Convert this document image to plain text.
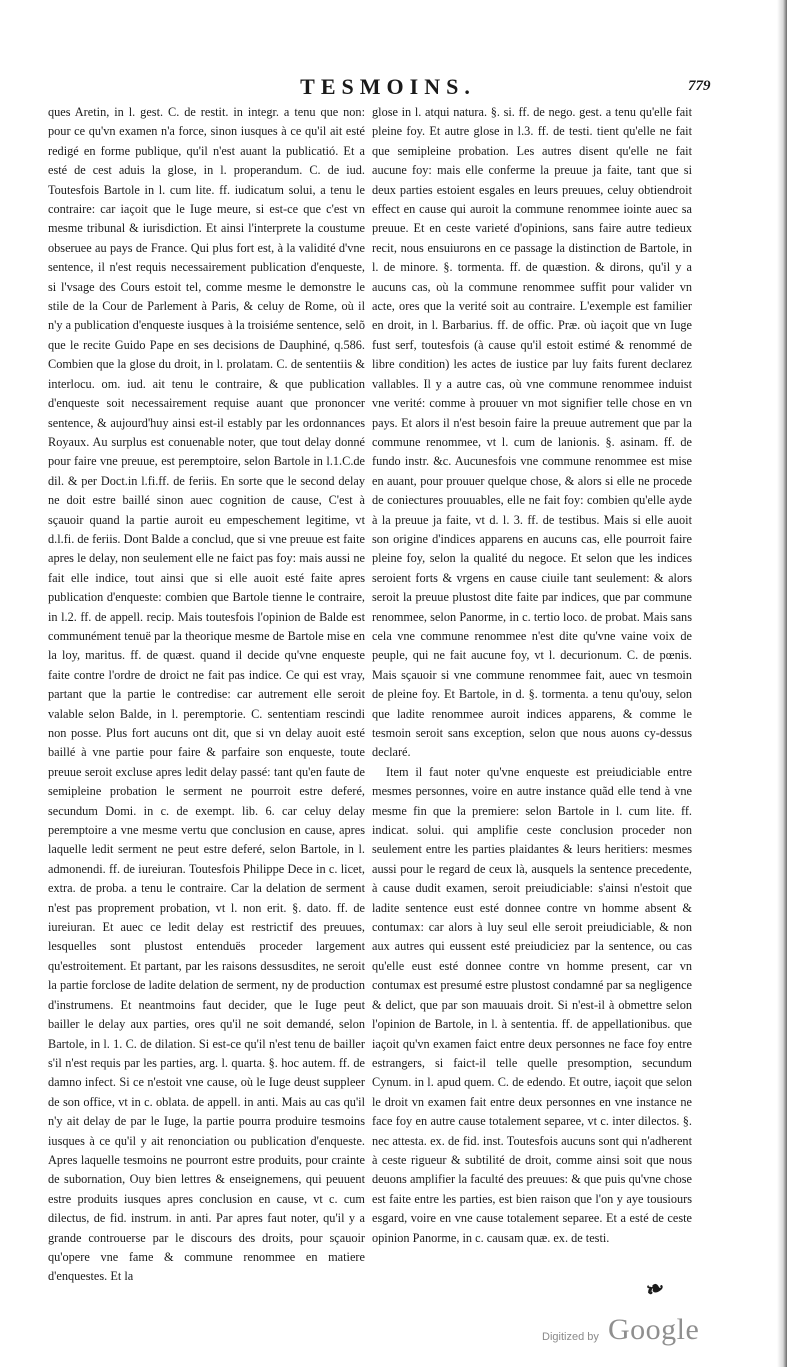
TESMOINS.	779

ques Aretin, in l. gest. C. de restit. in integr. a tenu que non: pour ce qu'vn examen n'a force, sinon iusques à ce qu'il ait esté redigé en forme publique, qu'il n'est auant la publicatió. Et a esté de cest aduis la glose, in l. properandum. C. de iud. Toutesfois Bartole in l. cum lite. ff. iudicatum solui, a tenu le contraire: car iaçoit que le Iuge meure, si est-ce que c'est vn mesme tribunal & iurisdiction. Et ainsi l'interprete la coustume obseruee au pays de France. Qui plus fort est, à la validité d'vne sentence, il n'est requis necessairement publication d'enqueste, si l'vsage des Cours estoit tel, comme mesme le demonstre le stile de la Cour de Parlement à Paris, & celuy de Rome, où il n'y a publication d'enqueste iusques à la troisiéme sentence, selõ que le recite Guido Pape en ses decisions de Dauphiné, q.586. Combien que la glose du droit, in l. prolatam. C. de sententiis & interlocu. om. iud. ait tenu le contraire, & que publication d'enqueste soit necessairement requise auant que prononcer sentence, & aujourd'huy ainsi est-il estably par les ordonnances Royaux. Au surplus est conuenable noter, que tout delay donné pour faire vne preuue, est peremptoire, selon Bartole in l.1.C.de dil. & per Doct.in l.fi.ff. de feriis. En sorte que le second delay ne doit estre baillé sinon auec cognition de cause, C'est à sçauoir quand la partie auroit eu empeschement legitime, vt d.l.fi. de feriis. Dont Balde a conclud, que si vne preuue est faite apres le delay, non seulement elle ne faict pas foy: mais aussi ne fait elle indice, tout ainsi que si elle auoit esté faite apres publication d'enqueste: combien que Bartole tienne le contraire, in l.2. ff. de appell. recip. Mais toutesfois l'opinion de Balde est communément tenuë par la theorique mesme de Bartole mise en la loy, maritus. ff. de quæst. quand il decide qu'vne enqueste faite contre l'ordre de droict ne fait pas indice. Ce qui est vray, partant que la partie le contredise: car autrement elle seroit valable selon Balde, in l. peremptorie. C. sententiam rescindi non posse. Plus fort aucuns ont dit, que si vn delay auoit esté baillé à vne partie pour faire & parfaire son enqueste, toute preuue seroit excluse apres ledit delay passé: tant qu'en faute de semipleine probation le serment ne pourroit estre deferé, secundum Domi. in c. de exempt. lib. 6. car celuy delay peremptoire a vne mesme vertu que conclusion en cause, apres laquelle ledit serment ne peut estre deferé, selon Bartole, in l. admonendi. ff. de iureiuran. Toutesfois Philippe Dece in c. licet, extra. de proba. a tenu le contraire. Car la delation de serment n'est pas proprement probation, vt l. non erit. §. dato. ff. de iureiuran. Et auec ce ledit delay est restrictif des preuues, lesquelles sont plustost entenduës proceder largement qu'estroitement. Et partant, par les raisons dessusdites, ne seroit la partie forclose de ladite delation de serment, ny de production d'instrumens. Et neantmoins faut decider, que le Iuge peut bailler le delay aux parties, ores qu'il ne soit demandé, selon Bartole, in l. 1. C. de dilation. Si est-ce qu'il n'est tenu de bailler s'il n'est requis par les parties, arg. l. quarta. §. hoc autem. ff. de damno infect. Si ce n'estoit vne cause, où le Iuge deust suppleer de son office, vt in c. oblata. de appell. in anti. Mais au cas qu'il n'y ait delay de par le Iuge, la partie pourra produire tesmoins iusques à ce qu'il y ait renonciation ou publication d'enqueste. Apres laquelle tesmoins ne pourront estre produits, pour crainte de subornation, Ouy bien lettres & enseignemens, qui peuuent estre produits iusques apres conclusion en cause, vt c. cum dilectus, de fid. instrum. in anti. Par apres faut noter, qu'il y a grande controuerse par le discours des droits, pour sçauoir qu'opere vne fame & commune renommee en matiere d'enquestes. Et la

glose in l. atqui natura. §. si. ff. de nego. gest. a tenu qu'elle fait pleine foy. Et autre glose in l.3. ff. de testi. tient qu'elle ne fait que semipleine probation. Les autres disent qu'elle ne fait aucune foy: mais elle conferme la preuue ja faite, tant que si deux parties estoient esgales en leurs preuues, celuy obtiendroit effect en cause qui auroit la commune renommee iointe auec sa preuue. Et en ceste varieté d'opinions, sans faire autre tedieux recit, nous ensuiurons en ce passage la distinction de Bartole, in l. de minore. §. tormenta. ff. de quæstion. & dirons, qu'il y a aucuns cas, où la commune renommee suffit pour valider vn acte, ores que la verité soit au contraire. L'exemple est familier en droit, in l. Barbarius. ff. de offic. Præ. où iaçoit que vn Iuge fust serf, toutesfois (à cause qu'il estoit estimé & renommé de libre condition) les actes de iustice par luy faits furent declarez vallables. Il y a autre cas, où vne commune renommee induist vne verité: comme à prouuer vn mot signifier telle chose en vn pays. Et alors il n'est besoin faire la preuue autrement que par la commune renommee, vt l. cum de lanionis. §. asinam. ff. de fundo instr. &c. Aucunesfois vne commune renommee est mise en auant, pour prouuer quelque chose, & alors si elle ne procede de coniectures prouuables, elle ne fait foy: combien qu'elle ayde à la preuue ja faite, vt d. l. 3. ff. de testibus. Mais si elle auoit son origine d'indices apparens en aucuns cas, elle pourroit faire pleine foy, selon la qualité du negoce. Et selon que les indices seroient forts & vrgens en cause ciuile tant seulement: & alors seroit la preuue plustost dite faite par indices, que par commune renommee, selon Panorme, in c. tertio loco. de probat. Mais sans cela vne commune renommee n'est dite qu'vne vaine voix de peuple, qui ne fait aucune foy, vt l. decurionum. C. de pœnis. Mais sçauoir si vne commune renommee fait, auec vn tesmoin de pleine foy. Et Bartole, in d. §. tormenta. a tenu qu'ouy, selon que ladite renommee auroit indices apparens, & comme le tesmoin seroit sans exception, selon que nous auons cy-dessus declaré.

Item il faut noter qu'vne enqueste est preiudiciable entre mesmes personnes, voire en autre instance quãd elle tend à vne mesme fin que la premiere: selon Bartole in l. cum lite. ff. indicat. solui. qui amplifie ceste conclusion proceder non seulement entre les parties plaidantes & leurs heritiers: mesmes aussi pour le regard de ceux là, ausquels la sentence precedente, à cause dudit examen, seroit preiudiciable: s'ainsi n'estoit que ladite sentence eust esté donnee contre vn homme absent & contumax: car alors à luy seul elle seroit preiudiciable, & non aux autres qui eussent esté preiudiciez par la sentence, ou cas qu'elle eust esté donnee contre vn homme present, car vn contumax est presumé estre plustost condamné par sa negligence & delict, que par son mauuais droit. Si n'est-il à obmettre selon l'opinion de Bartole, in l. à sententia. ff. de appellationibus. que iaçoit qu'vn examen faict entre deux personnes ne face foy entre estrangers, si faict-il telle quelle presomption, secundum Cynum. in l. apud quem. C. de edendo. Et outre, iaçoit que selon le droit vn examen fait entre deux personnes en vne instance ne face foy en autre cause totalement separee, vt c. inter dilectos. §. nec attesta. ex. de fid. inst. Toutesfois aucuns sont qui n'adherent à ceste rigueur & subtilité de droit, comme ainsi soit que nous deuons amplifier la faculté des preuues: & que puis qu'vne chose est faite entre les parties, est bien raison que l'on y aye tousiours esgard, voire en vne cause totalement separee. Et a esté de ceste opinion Panorme, in c. causam quæ. ex. de testi.

❧
Digitized by Google
